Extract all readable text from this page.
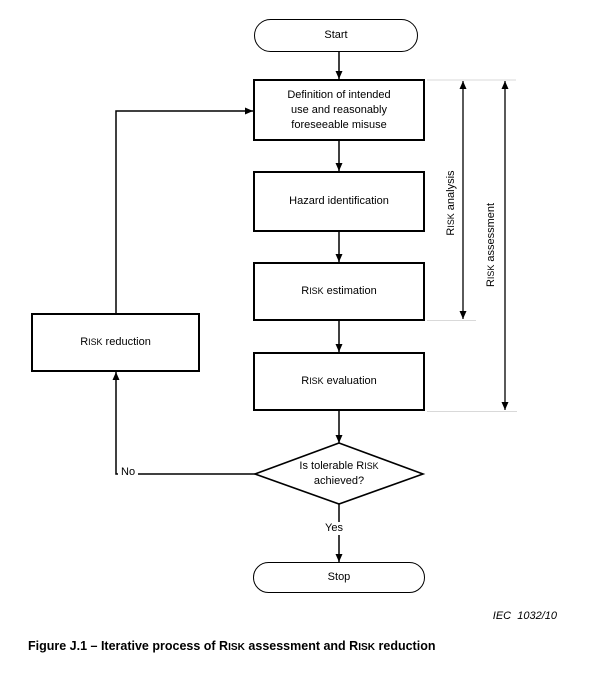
Start
Definition of intended
use and reasonably
foreseeable misuse
Hazard identification
RISK estimation
RISK evaluation
RISK reduction
Is tolerable RISK
achieved?
Stop
Yes
No
RISK analysis
RISK assessment
IEC  1032/10
Figure J.1 – Iterative process of RISK assessment and RISK reduction
